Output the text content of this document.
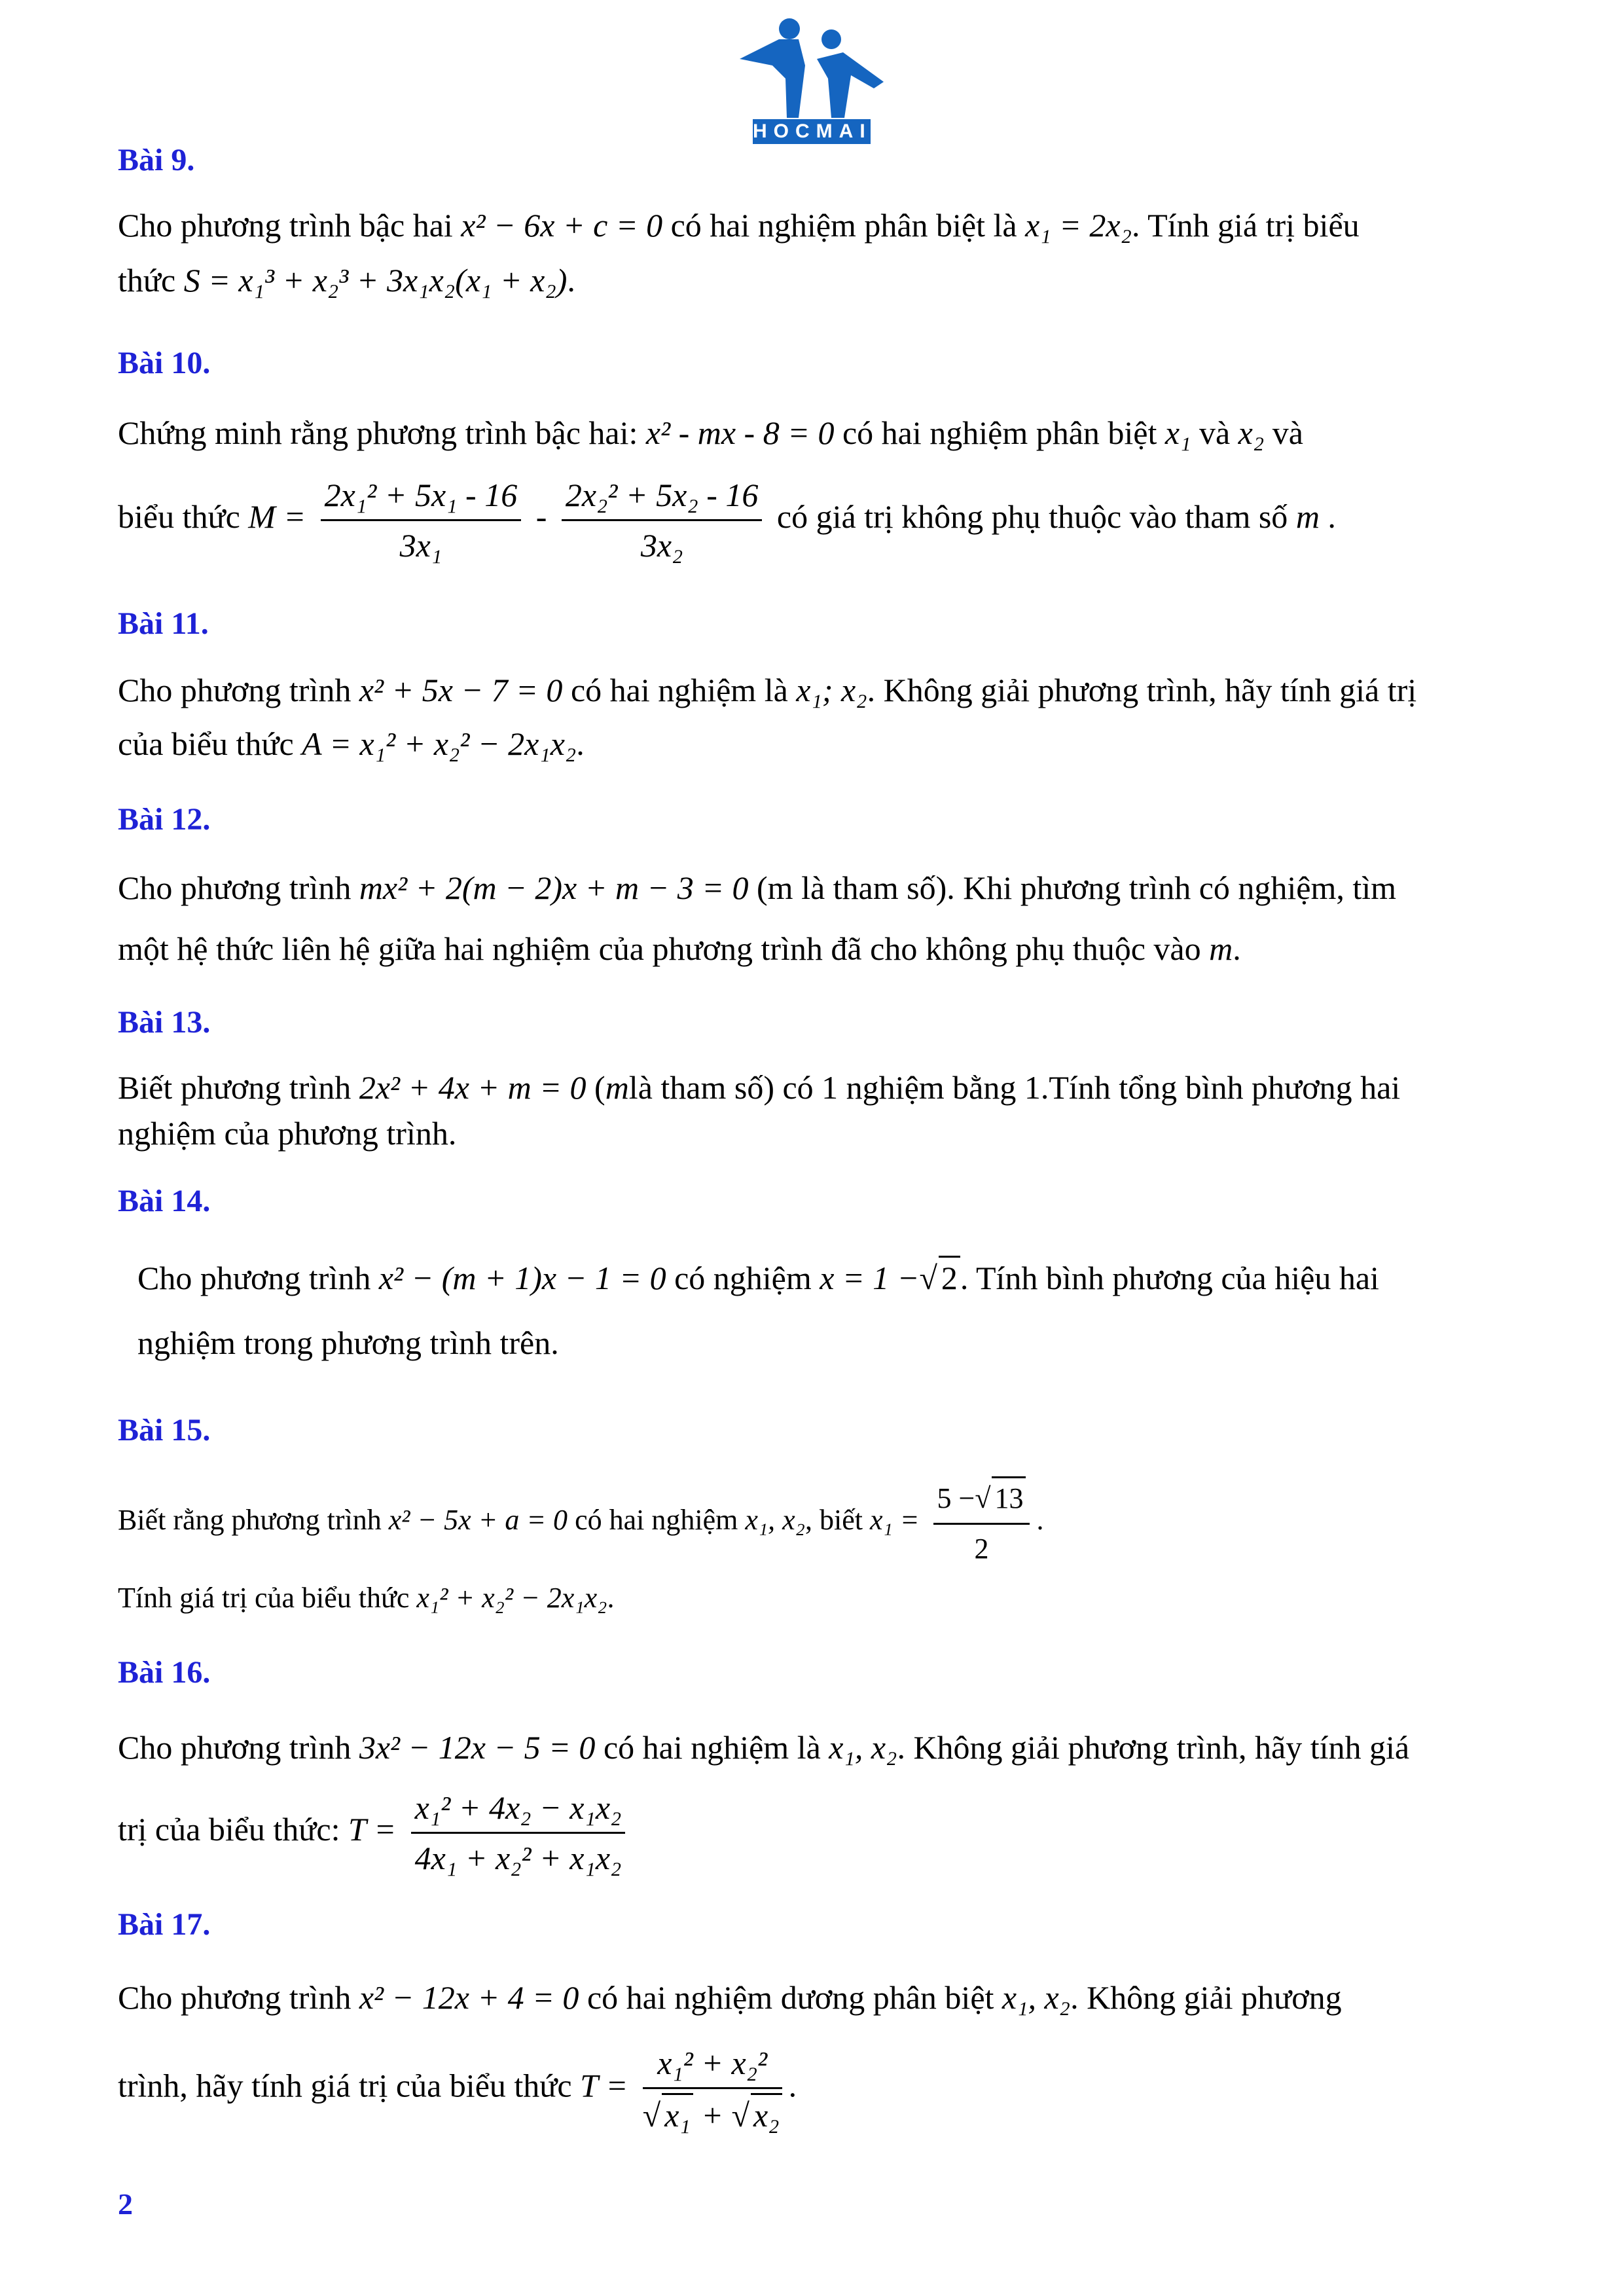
HOCMAI
Bài 9.
Cho phương trình bậc hai x² − 6x + c = 0 có hai nghiệm phân biệt là x₁ = 2x₂. Tính giá trị biểu
thức S = x₁³ + x₂³ + 3x₁x₂(x₁ + x₂).
Bài 10.
Chứng minh rằng phương trình bậc hai: x² - mx - 8 = 0 có hai nghiệm phân biệt x₁ và x₂ và
biểu thức $M = \frac{\text{2x₁² + 5x₁ - 16}}{\text{3x₁}} - \frac{\text{2x₂² + 5x₂ - 16}}{\text{3x₂}}$ có giá trị không phụ thuộc vào tham số m .
Bài 11.
Cho phương trình x² + 5x − 7 = 0 có hai nghiệm là x₁; x₂. Không giải phương trình, hãy tính giá trị
của biểu thức A = x₁² + x₂² − 2x₁x₂.
Bài 12.
Cho phương trình mx² + 2(m − 2)x + m − 3 = 0 (m là tham số). Khi phương trình có nghiệm, tìm
một hệ thức liên hệ giữa hai nghiệm của phương trình đã cho không phụ thuộc vào m.
Bài 13.
Biết phương trình 2x² + 4x + m = 0 (mlà tham số) có 1 nghiệm bằng 1.Tính tổng bình phương hai
nghiệm của phương trình.
Bài 14.
Cho phương trình x² − (m + 1)x − 1 = 0 có nghiệm x = 1 −√ 2. Tính bình phương của hiệu hai
nghiệm trong phương trình trên.
Bài 15.
Biết rằng phương trình x² − 5x + a = 0 có hai nghiệm x₁, x₂, biết $x_1 = \frac{5 -√ 13}{2}$ .
Tính giá trị của biểu thức x₁² + x₂² − 2x₁x₂.
Bài 16.
Cho phương trình 3x² − 12x − 5 = 0 có hai nghiệm là x₁, x₂. Không giải phương trình, hãy tính giá
trị của biểu thức: $T = \frac{\text{x₁² + 4x₂ − x₁x₂}}{\text{4x₁ + x₂² + x₁x₂}}$
Bài 17.
Cho phương trình x² − 12x + 4 = 0 có hai nghiệm dương phân biệt x₁, x₂. Không giải phương
trình, hãy tính giá trị của biểu thức $T = \frac{\text{x₁² + x₂²}}{\text{√ x₁ + √ x₂}}$ .
2
